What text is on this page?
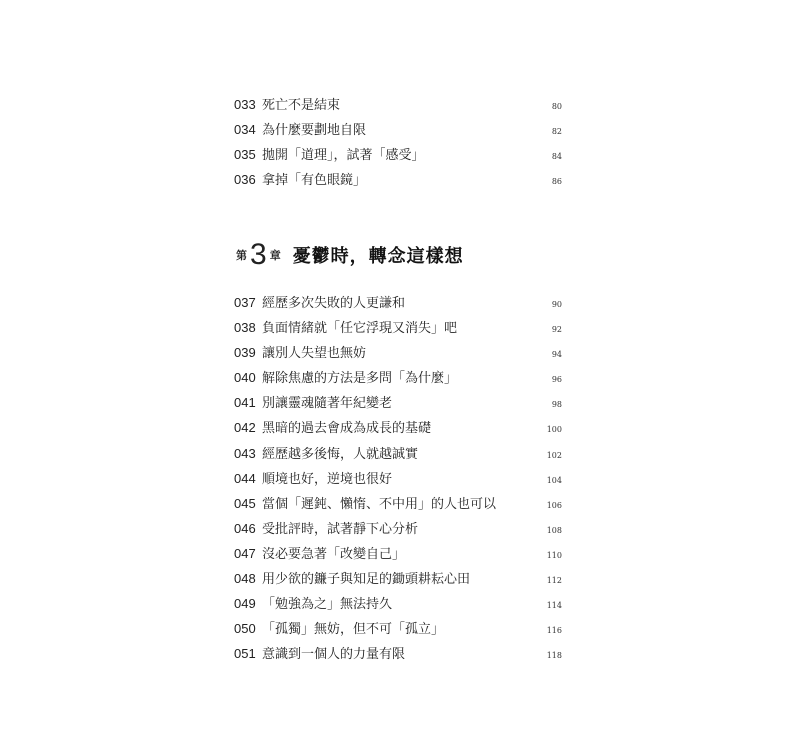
033 死亡不是結束	80
034 為什麼要劃地自限	82
035 拋開「道理」，試著「感受」	84
036 拿掉「有色眼鏡」	86
第 3 章 憂鬱時，轉念這樣想
037 經歷多次失敗的人更謙和	90
038 負面情緒就「任它浮現又消失」吧	92
039 讓別人失望也無妨	94
040 解除焦慮的方法是多問「為什麼」	96
041 別讓靈魂隨著年紀變老	98
042 黑暗的過去會成為成長的基礎	100
043 經歷越多後悔，人就越誠實	102
044 順境也好，逆境也很好	104
045 當個「遲鈍、懶惰、不中用」的人也可以	106
046 受批評時，試著靜下心分析	108
047 沒必要急著「改變自己」	110
048 用少欲的鐮子與知足的鋤頭耕耘心田	112
049 「勉強為之」無法持久	114
050 「孤獨」無妨，但不可「孤立」	116
051 意識到一個人的力量有限	118
